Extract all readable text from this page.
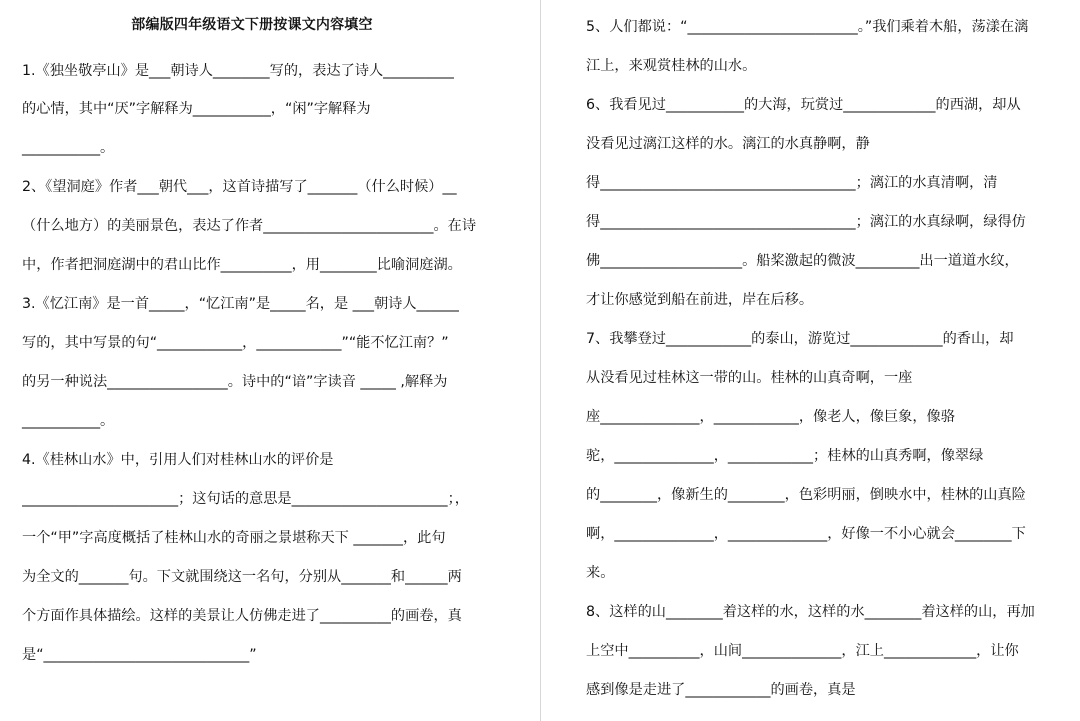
部编版四年级语文下册按课文内容填空
1.《独坐敬亭山》是___朝诗人________写的，表达了诗人__________
的心情，其中“厌”字解释为___________，“闲”字解释为
___________。
2、《望洞庭》作者___朝代___，这首诗描写了_______（什么时候）__
（什么地方）的美丽景色，表达了作者________________________。在诗
中，作者把洞庭湖中的君山比作__________，用________比喻洞庭湖。
3.《忆江南》是一首_____，“忆江南”是_____名，是 ___朝诗人______
写的，其中写景的句“____________，____________”“能不忆江南？”
的另一种说法_________________。诗中的“谙”字读音 _____ ,解释为
___________。
4.《桂林山水》中，引用人们对桂林山水的评价是
______________________；这句话的意思是______________________；，
一个“甲”字高度概括了桂林山水的奇丽之景堪称天下 _______，此句
为全文的_______句。下文就围绕这一名句，分别从_______和______两
个方面作具体描绘。这样的美景让人仿佛走进了__________的画卷，真
是“_____________________________”
5、人们都说：“________________________。”我们乘着木船，荡漾在漓
江上，来观赏桂林的山水。
6、我看见过___________的大海，玩赏过_____________的西湖，却从
没看见过漓江这样的水。漓江的水真静啊，静
得____________________________________；漓江的水真清啊，清
得____________________________________；漓江的水真绿啊，绿得仿
佛____________________。船桨激起的微波_________出一道道水纹，
才让你感觉到船在前进，岸在后移。
7、我攀登过____________的泰山，游览过_____________的香山，却
从没看见过桂林这一带的山。桂林的山真奇啊，一座
座______________，____________，像老人，像巨象，像骆
驼，______________，____________；桂林的山真秀啊，像翠绿
的________，像新生的________，色彩明丽，倒映水中，桂林的山真险
啊，______________，______________，好像一不小心就会________下
来。
8、这样的山________着这样的水，这样的水________着这样的山，再加
上空中__________，山间______________，江上_____________，让你
感到像是走进了____________的画卷，真是
